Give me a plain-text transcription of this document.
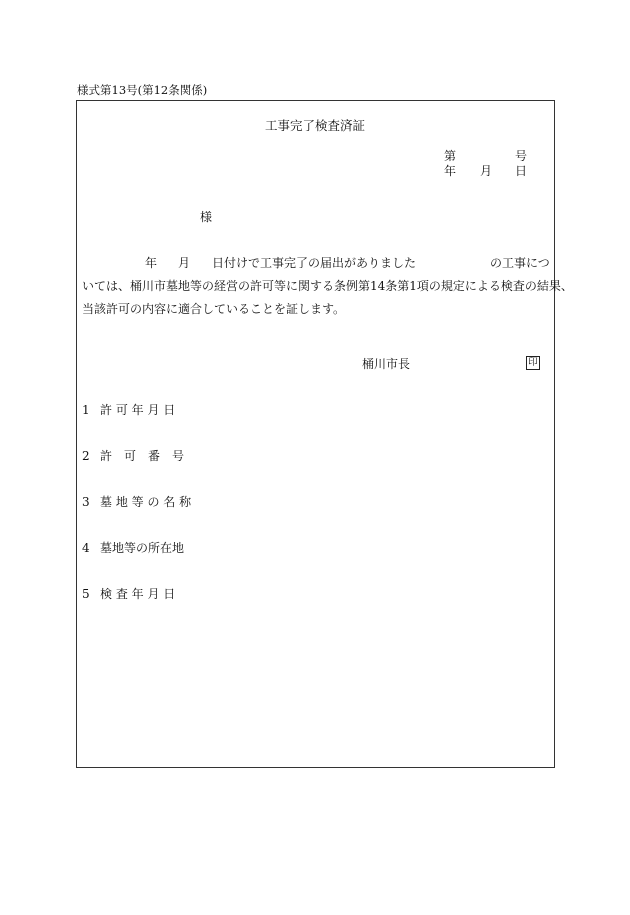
様式第13号(第12条関係)
工事完了検査済証
第	号
年 月 日
様
年 月 日付けで工事完了の届出がありました	の工事につ
いては、桶川市墓地等の経営の許可等に関する条例第14条第1項の規定による検査の結果、
当該許可の内容に適合していることを証します。
桶川市長	印
1 許 可 年 月 日
2 許　可　番　号
3 墓 地 等 の 名 称
4 墓地等の所在地
5 検 査 年 月 日
